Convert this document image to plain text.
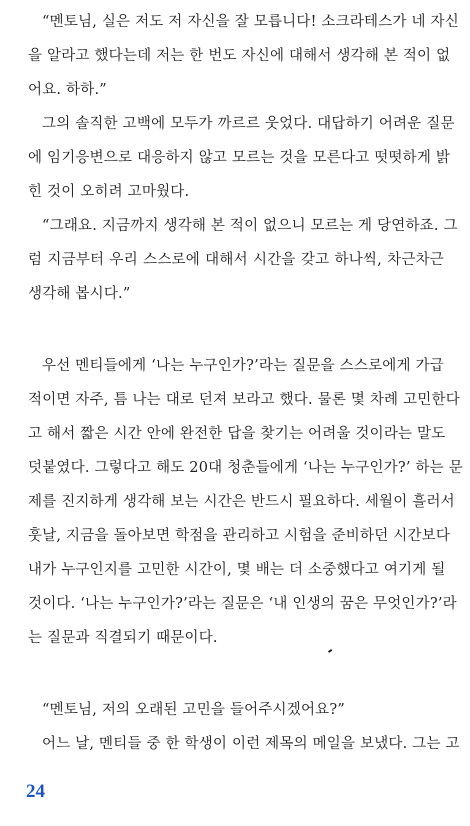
“멘토님, 실은 저도 저 자신을 잘 모릅니다! 소크라테스가 네 자신

을 알라고 했다는데 저는 한 번도 자신에 대해서 생각해 본 적이 없

어요. 하하.”

그의 솔직한 고백에 모두가 까르르 웃었다. 대답하기 어려운 질문

에 임기응변으로 대응하지 않고 모르는 것을 모른다고 떳떳하게 밝

힌 것이 오히려 고마웠다.

“그래요. 지금까지 생각해 본 적이 없으니 모르는 게 당연하죠. 그

럼 지금부터 우리 스스로에 대해서 시간을 갖고 하나씩, 차근차근

생각해 봅시다.”

우선 멘티들에게 ‘나는 누구인가?’라는 질문을 스스로에게 가급

적이면 자주, 틈 나는 대로 던져 보라고 했다. 물론 몇 차례 고민한다

고 해서 짧은 시간 안에 완전한 답을 찾기는 어려울 것이라는 말도

덧붙였다. 그렇다고 해도 20대 청춘들에게 ‘나는 누구인가?’ 하는 문

제를 진지하게 생각해 보는 시간은 반드시 필요하다. 세월이 흘러서

훗날, 지금을 돌아보면 학점을 관리하고 시험을 준비하던 시간보다

내가 누구인지를 고민한 시간이, 몇 배는 더 소중했다고 여기게 될

것이다. ‘나는 누구인가?’라는 질문은 ‘내 인생의 꿈은 무엇인가?’라

는 질문과 직결되기 때문이다.

“멘토님, 저의 오래된 고민을 들어주시겠어요?”

어느 날, 멘티들 중 한 학생이 이런 제목의 메일을 보냈다. 그는 고

24
